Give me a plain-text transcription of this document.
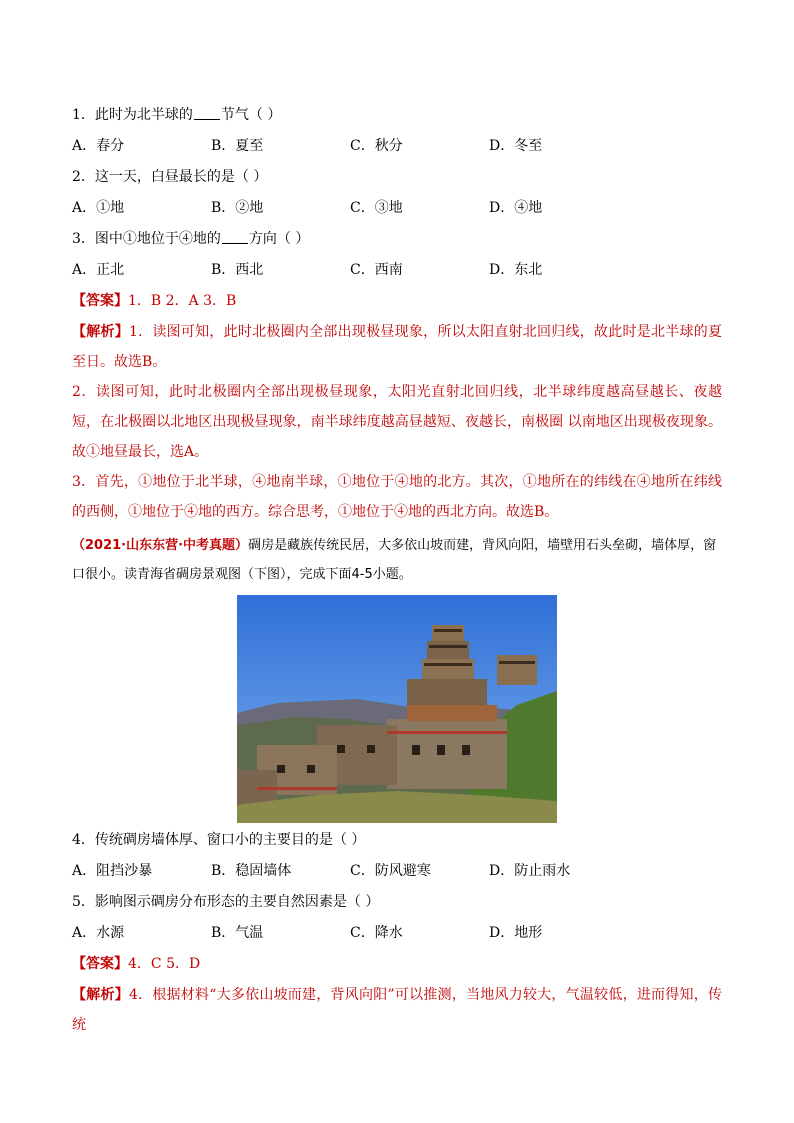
1．此时为北半球的 节气（ ）
A．春分	B．夏至	C．秋分	D．冬至
2．这一天，白昼最长的是（ ）
A．①地	B．②地	C．③地	D．④地
3．图中①地位于④地的 方向（ ）
A．正北	B．西北	C．西南	D．东北
【答案】1．B 2．A 3．B
【解析】1．读图可知，此时北极圈内全部出现极昼现象，所以太阳直射北回归线，故此时是北半球的夏至日。故选B。
2．读图可知，此时北极圈内全部出现极昼现象，太阳光直射北回归线，北半球纬度越高昼越长、夜越短，在北极圈以北地区出现极昼现象，南半球纬度越高昼越短、夜越长，南极圈 以南地区出现极夜现象。故①地昼最长，选A。
3．首先，①地位于北半球，④地南半球，①地位于④地的北方。其次，①地所在的纬线在④地所在纬线的西侧，①地位于④地的西方。综合思考，①地位于④地的西北方向。故选B。
（2021·山东东营·中考真题）碉房是藏族传统民居，大多依山坡而建，背风向阳，墙壁用石头垒砌，墙体厚，窗口很小。读青海省碉房景观图（下图），完成下面4-5小题。
4．传统碉房墙体厚、窗口小的主要目的是（ ）
A．阻挡沙暴	B．稳固墙体	C．防风避寒	D．防止雨水
5．影响图示碉房分布形态的主要自然因素是（ ）
A．水源	B．气温	C．降水	D．地形
【答案】4．C 5．D
【解析】4．根据材料“大多依山坡而建，背风向阳”可以推测，当地风力较大，气温较低，进而得知，传统
